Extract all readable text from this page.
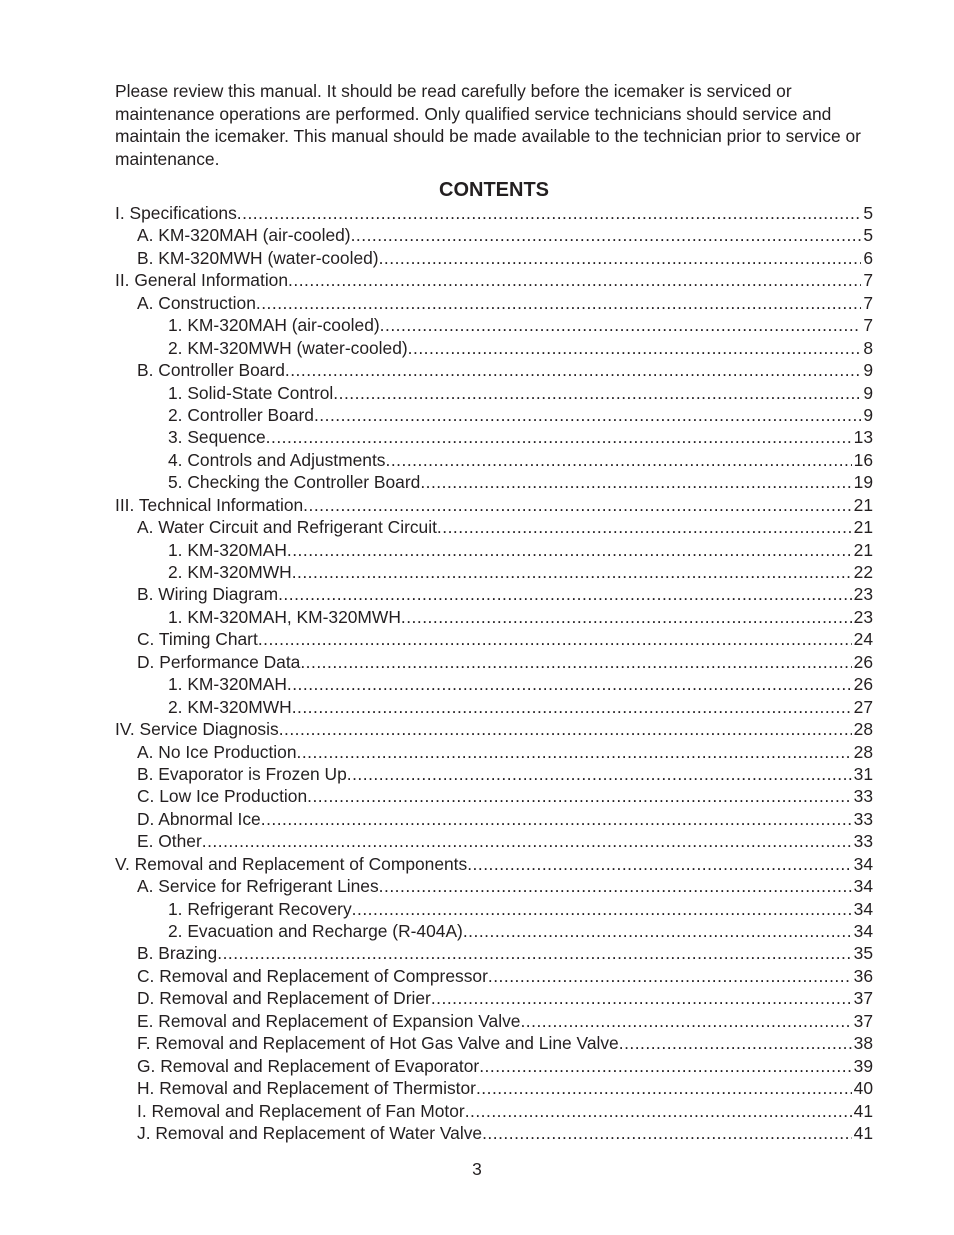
Please review this manual. It should be read carefully before the icemaker is serviced or maintenance operations are performed. Only qualified service technicians should service and maintain the icemaker. This manual should be made available to the technician prior to service or maintenance.

CONTENTS
I. Specifications .....	5
A. KM-320MAH (air-cooled) .....	5
B. KM-320MWH (water-cooled) .....	6
II. General Information .....	7
A. Construction .....	7
1. KM-320MAH (air-cooled) .....	7
2. KM-320MWH (water-cooled) .....	8
B. Controller Board .....	9
1. Solid-State Control .....	9
2. Controller Board .....	9
3. Sequence .....	13
4. Controls and Adjustments .....	16
5. Checking the Controller Board .....	19
III. Technical Information .....	21
A. Water Circuit and Refrigerant Circuit .....	21
1. KM-320MAH .....	21
2. KM-320MWH .....	22
B. Wiring Diagram .....	23
1. KM-320MAH, KM-320MWH .....	23
C. Timing Chart .....	24
D. Performance Data .....	26
1. KM-320MAH .....	26
2. KM-320MWH .....	27
IV. Service Diagnosis .....	28
A. No Ice Production .....	28
B. Evaporator is Frozen Up .....	31
C. Low Ice Production .....	33
D. Abnormal Ice .....	33
E. Other .....	33
V. Removal and Replacement of Components .....	34
A. Service for Refrigerant Lines .....	34
1. Refrigerant Recovery .....	34
2. Evacuation and Recharge (R-404A) .....	34
B. Brazing .....	35
C. Removal and Replacement of Compressor .....	36
D. Removal and Replacement of Drier .....	37
E. Removal and Replacement of Expansion Valve .....	37
F. Removal and Replacement of Hot Gas Valve and Line Valve .....	38
G. Removal and Replacement of Evaporator .....	39
H. Removal and Replacement of Thermistor .....	40
I. Removal and Replacement of Fan Motor .....	41
J. Removal and Replacement of Water Valve .....	41

3
